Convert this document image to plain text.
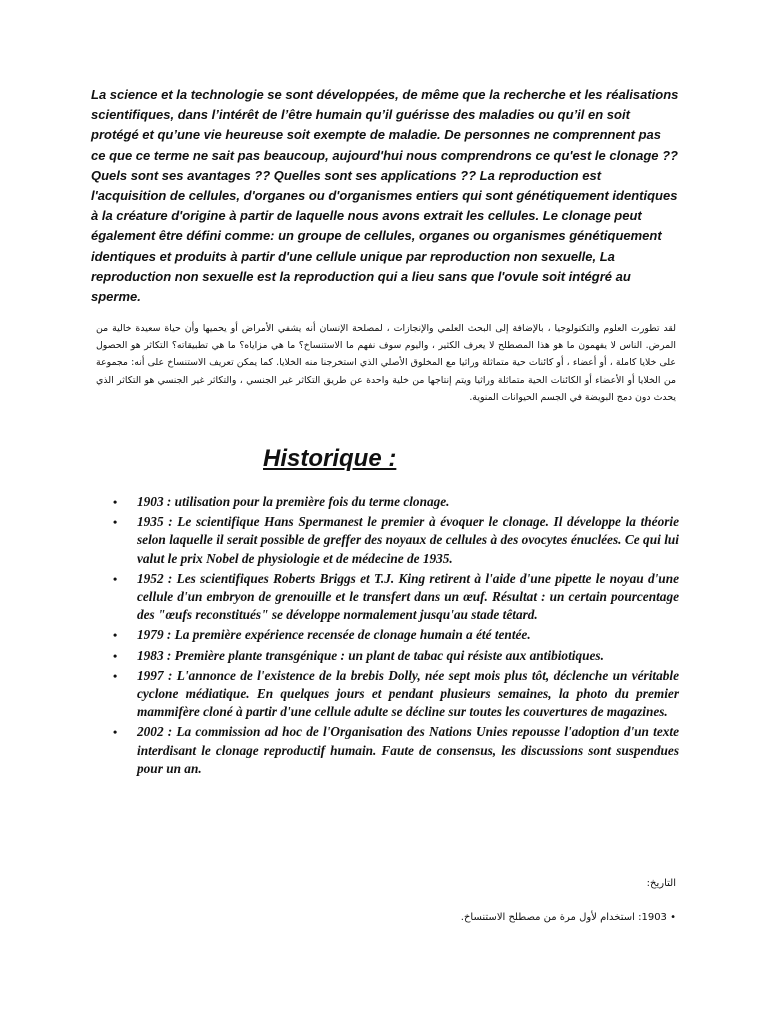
La science et la technologie se sont développées, de même que la recherche et les réalisations scientifiques, dans l’intérêt de l’être humain qu’il guérisse des maladies ou qu’il en soit protégé et qu’une vie heureuse soit exempte de maladie. De personnes ne comprennent pas ce que ce terme ne sait pas beaucoup, aujourd'hui nous comprendrons ce qu'est le clonage ?? Quels sont ses avantages ?? Quelles sont ses applications ?? La reproduction est l'acquisition de cellules, d'organes ou d'organismes entiers qui sont génétiquement identiques à la créature d'origine à partir de laquelle nous avons extrait les cellules. Le clonage peut également être défini comme: un groupe de cellules, organes ou organismes génétiquement identiques et produits à partir d'une cellule unique par reproduction non sexuelle, La reproduction non sexuelle est la reproduction qui a lieu sans que l'ovule soit intégré au sperme.

لقد تطورت العلوم والتكنولوجيا ، بالإضافة إلى البحث العلمي والإنجازات ، لمصلحة الإنسان أنه يشفي الأمراض أو يحميها وأن حياة سعيدة خالية من المرض. الناس لا يفهمون ما هو هذا المصطلح لا يعرف الكثير ، واليوم سوف نفهم ما الاستنساخ؟ ما هي مزاياه؟ ما هي تطبيقاته؟ التكاثر هو الحصول على خلايا كاملة ، أو أعضاء ، أو كائنات حية متماثلة وراثيا مع المخلوق الأصلي الذي استخرجنا منه الخلايا. كما يمكن تعريف الاستنساخ على أنه: مجموعة من الخلايا أو الأعضاء أو الكائنات الحية متماثلة وراثيا ويتم إنتاجها من خلية واحدة عن طريق التكاثر غير الجنسي ، والتكاثر غير الجنسي هو التكاثر الذي يحدث دون دمج البويضة في الجسم الحيوانات المنوية.

Historique :
• 1903 : utilisation pour la première fois du terme clonage.
• 1935 : Le scientifique Hans Spermanest le premier à évoquer le clonage. Il développe la théorie selon laquelle il serait possible de greffer des noyaux de cellules à des ovocytes énuclées. Ce qui lui valut le prix Nobel de physiologie et de médecine de 1935.
• 1952 : Les scientifiques Roberts Briggs et T.J. King retirent à l'aide d'une pipette le noyau d'une cellule d'un embryon de grenouille et le transfert dans un œuf. Résultat : un certain pourcentage des "œufs reconstitués" se développe normalement jusqu'au stade têtard.
• 1979 : La première expérience recensée de clonage humain a été tentée.
• 1983 : Première plante transgénique : un plant de tabac qui résiste aux antibiotiques.
• 1997 : L'annonce de l'existence de la brebis Dolly, née sept mois plus tôt, déclenche un véritable cyclone médiatique. En quelques jours et pendant plusieurs semaines, la photo du premier mammifère cloné à partir d'une cellule adulte se décline sur toutes les couvertures de magazines.
• 2002 : La commission ad hoc de l'Organisation des Nations Unies repousse l'adoption d'un texte interdisant le clonage reproductif humain. Faute de consensus, les discussions sont suspendues pour un an.

التاريخ:

• 1903: استخدام لأول مرة من مصطلح الاستنساخ.
